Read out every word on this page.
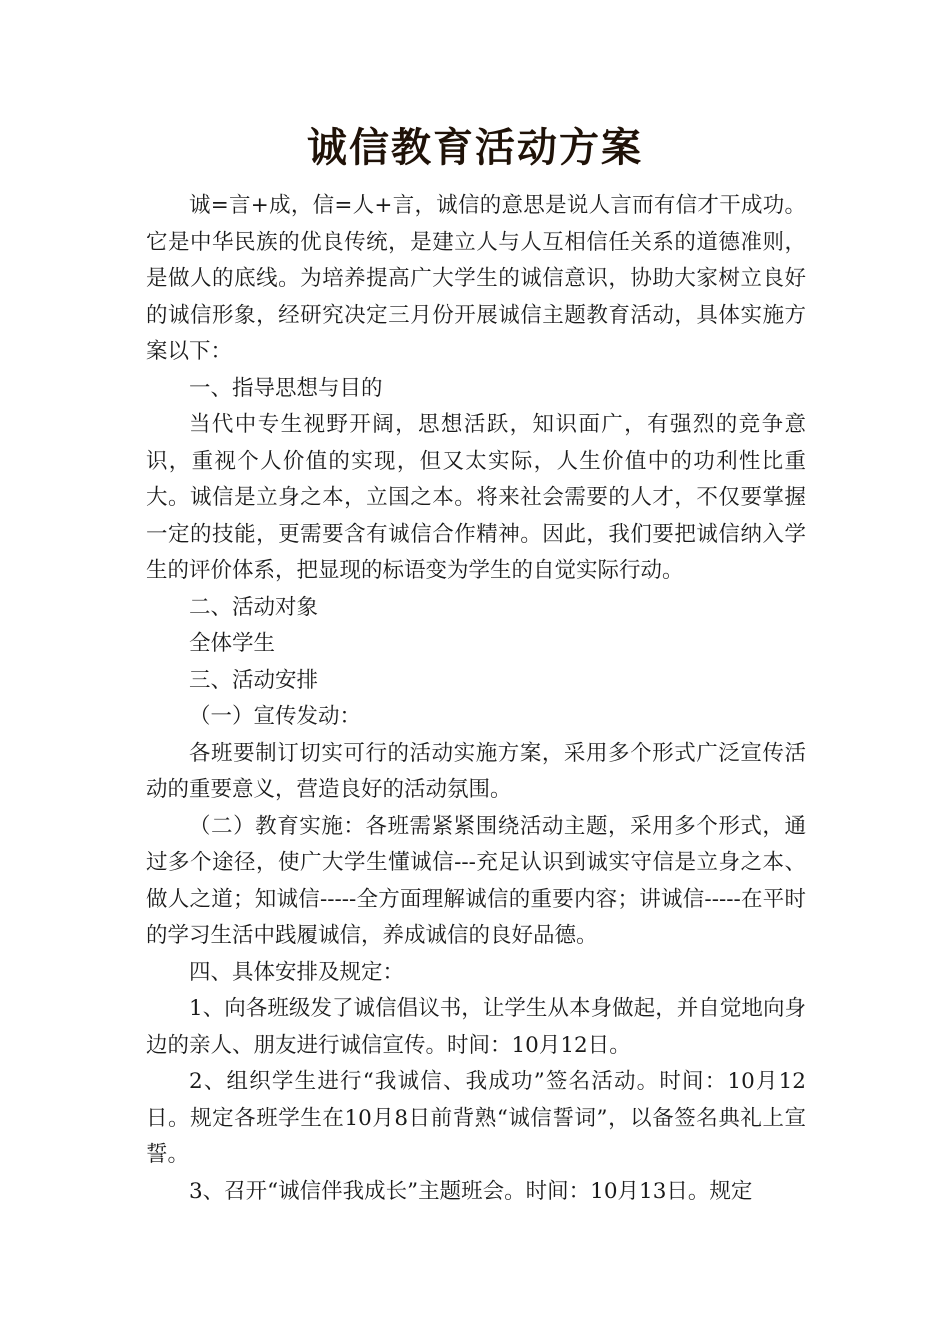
诚信教育活动方案

诚=言+成，信=人+言，诚信的意思是说人言而有信才干成功。它是中华民族的优良传统，是建立人与人互相信任关系的道德准则，是做人的底线。为培养提高广大学生的诚信意识，协助大家树立良好的诚信形象，经研究决定三月份开展诚信主题教育活动，具体实施方案以下：

一、指导思想与目的

当代中专生视野开阔，思想活跃，知识面广，有强烈的竞争意识，重视个人价值的实现，但又太实际，人生价值中的功利性比重大。诚信是立身之本，立国之本。将来社会需要的人才，不仅要掌握一定的技能，更需要含有诚信合作精神。因此，我们要把诚信纳入学生的评价体系，把显现的标语变为学生的自觉实际行动。

二、活动对象

全体学生

三、活动安排

（一）宣传发动：

各班要制订切实可行的活动实施方案，采用多个形式广泛宣传活动的重要意义，营造良好的活动氛围。

（二）教育实施：各班需紧紧围绕活动主题，采用多个形式，通过多个途径，使广大学生懂诚信---充足认识到诚实守信是立身之本、做人之道；知诚信-----全方面理解诚信的重要内容；讲诚信-----在平时的学习生活中践履诚信，养成诚信的良好品德。

四、具体安排及规定：

1、向各班级发了诚信倡议书，让学生从本身做起，并自觉地向身边的亲人、朋友进行诚信宣传。时间：10月12日。

2、组织学生进行“我诚信、我成功”签名活动。时间：10月12日。规定各班学生在10月8日前背熟“诚信誓词”，以备签名典礼上宣誓。

3、召开“诚信伴我成长”主题班会。时间：10月13日。规定
